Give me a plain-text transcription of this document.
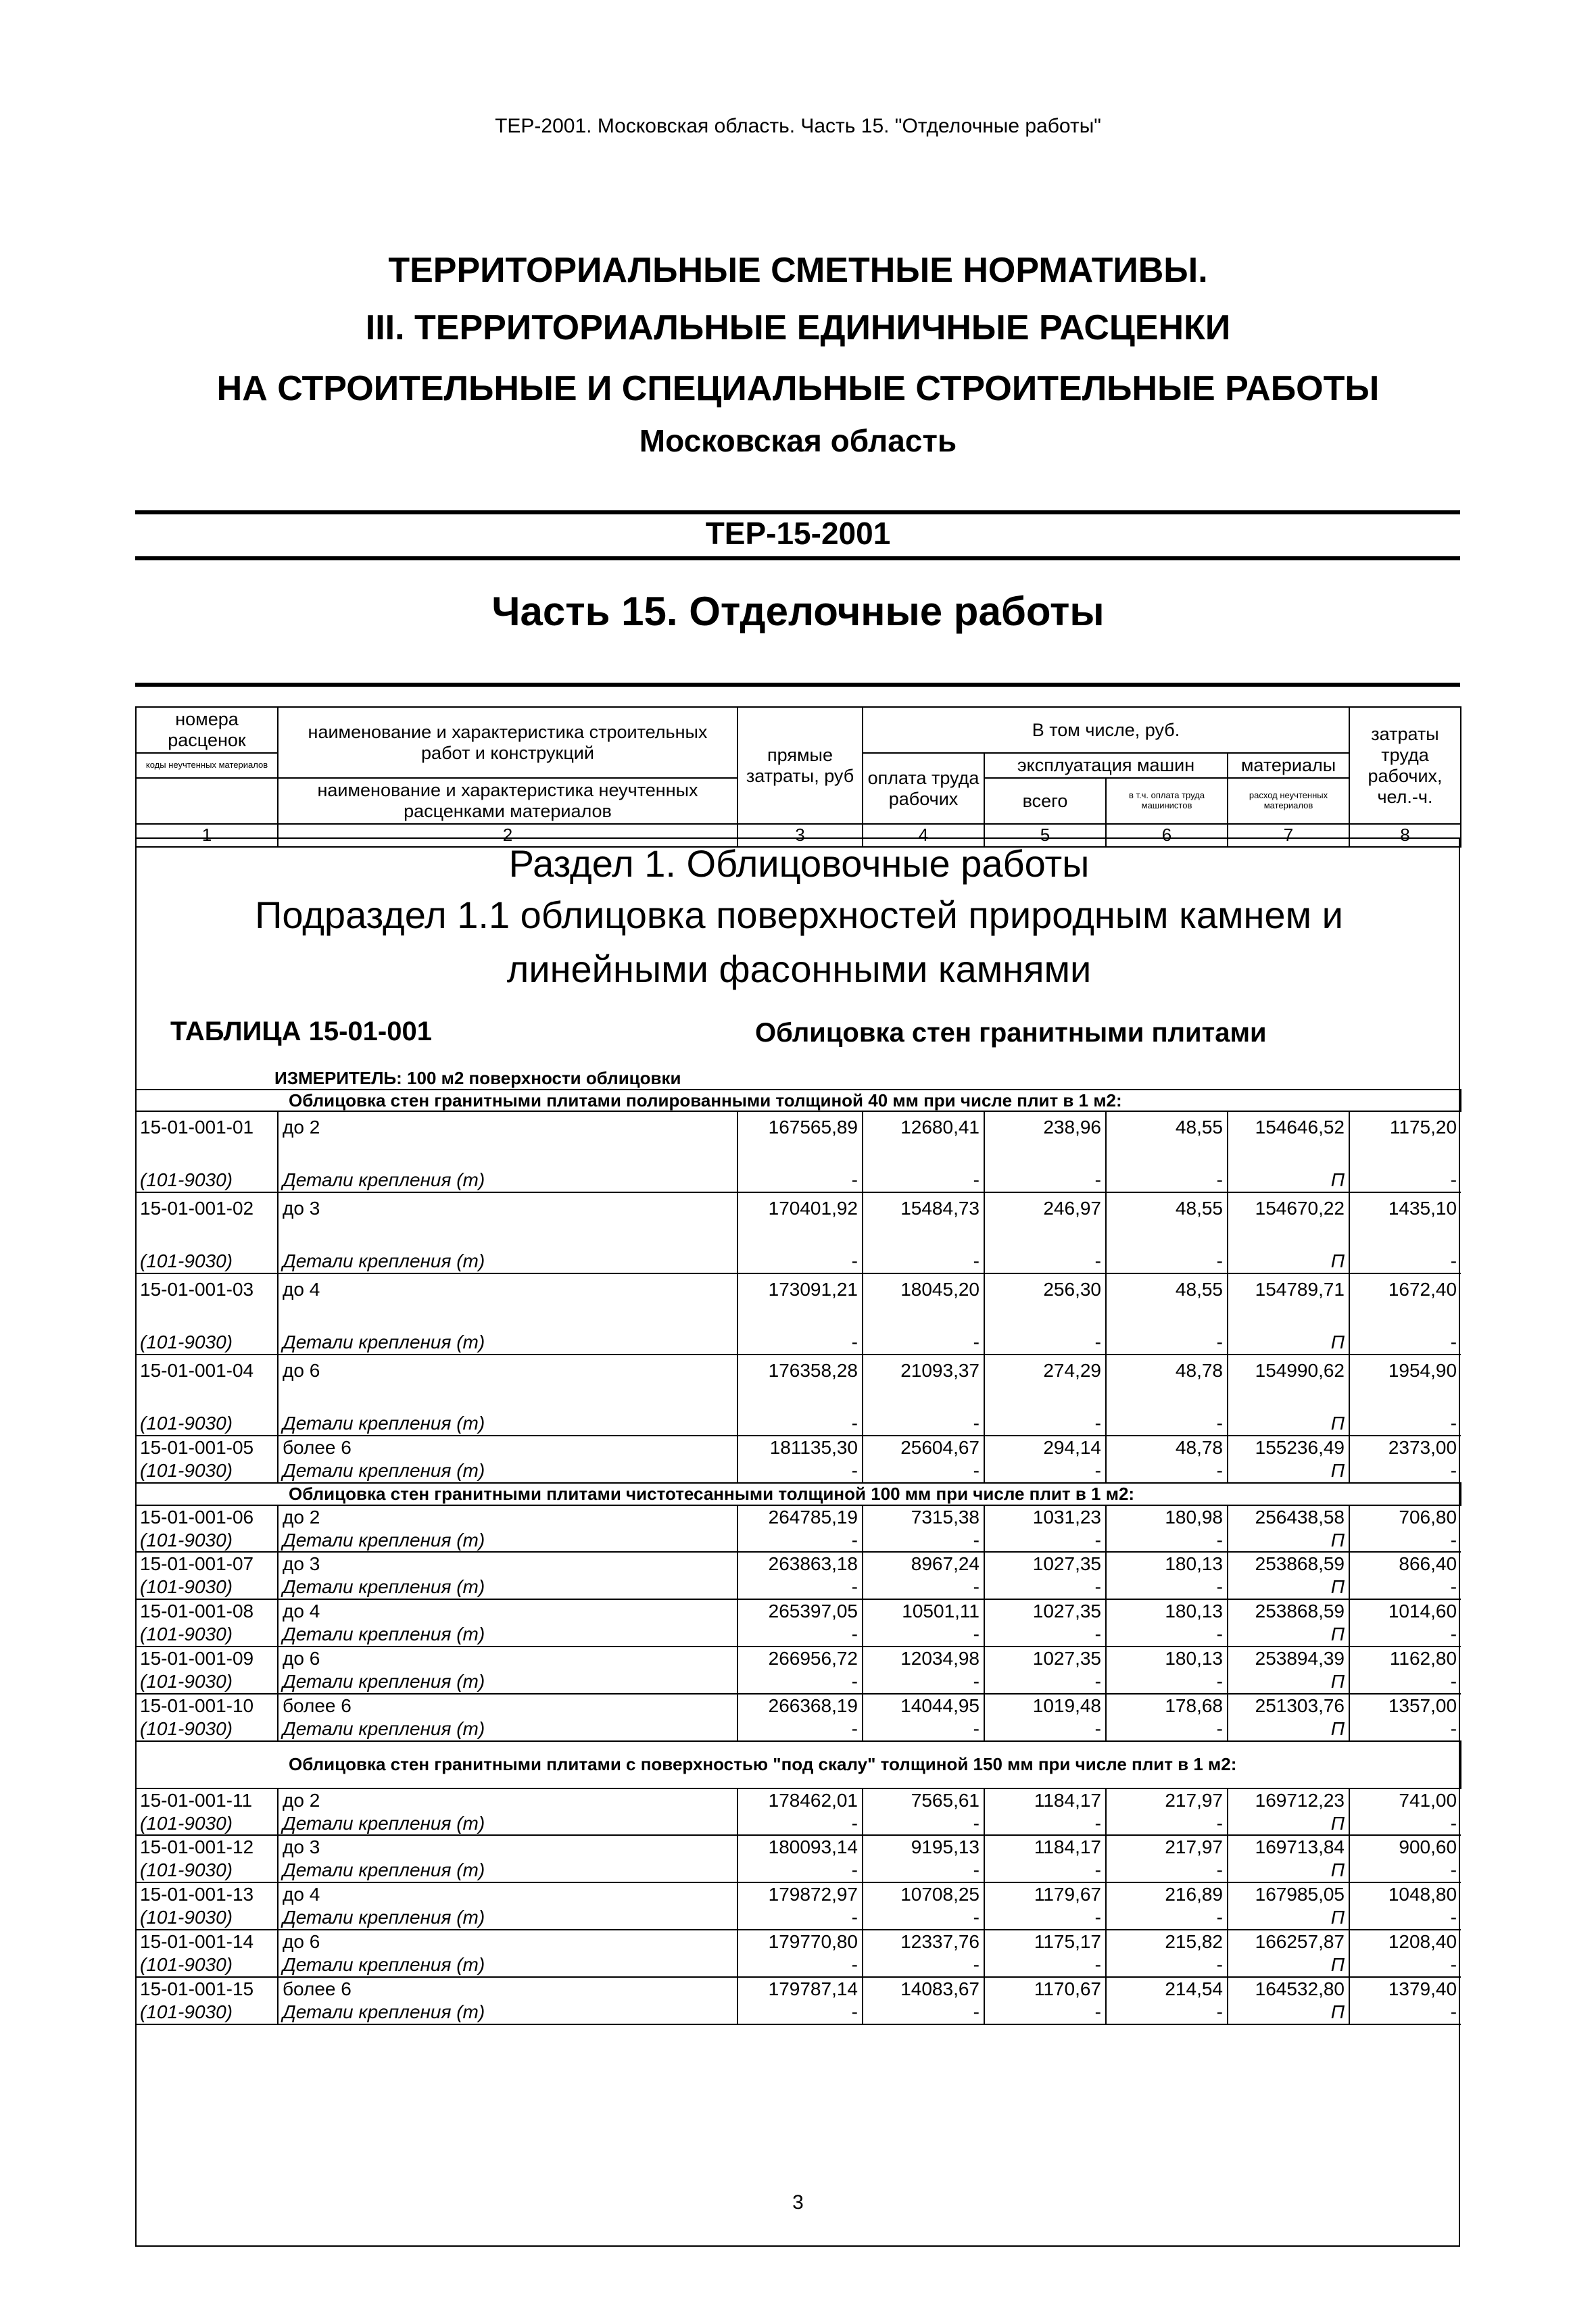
ТЕР-2001. Московская область. Часть 15. "Отделочные работы"
ТЕРРИТОРИАЛЬНЫЕ СМЕТНЫЕ НОРМАТИВЫ.
III. ТЕРРИТОРИАЛЬНЫЕ ЕДИНИЧНЫЕ РАСЦЕНКИ
НА СТРОИТЕЛЬНЫЕ И СПЕЦИАЛЬНЫЕ СТРОИТЕЛЬНЫЕ РАБОТЫ
Московская область
ТЕР-15-2001
Часть 15. Отделочные работы
номера расценок	наименование и характеристика строительных работ и конструкций	прямые затраты, руб	В том числе, руб.				затраты труда рабочих, чел.-ч.
коды неучтенных материалов			оплата труда рабочих	эксплуатация машин		материалы	
	наименование и характеристика неучтенных расценками материалов			всего	в т.ч. оплата труда машинистов	расход неучтенных материалов	

1	2	3	4	5	6	7	8
Раздел 1. Облицовочные работы
Подраздел 1.1 облицовка поверхностей природным камнем и
линейными фасонными камнями
ТАБЛИЦА 15-01-001	Облицовка стен гранитными плитами
ИЗМЕРИТЕЛЬ: 100 м2 поверхности облицовки							
Облицовка стен гранитными плитами полированными толщиной 40 мм при числе плит в 1 м2:							
15-01-001-01	до 2	167565,89	12680,41	238,96	48,55	154646,52	1175,20
(101-9030)	Детали крепления (т)	-	-	-	-	П	-
15-01-001-02	до 3	170401,92	15484,73	246,97	48,55	154670,22	1435,10
(101-9030)	Детали крепления (т)	-	-	-	-	П	-
15-01-001-03	до 4	173091,21	18045,20	256,30	48,55	154789,71	1672,40
(101-9030)	Детали крепления (т)	-	-	-	-	П	-
15-01-001-04	до 6	176358,28	21093,37	274,29	48,78	154990,62	1954,90
(101-9030)	Детали крепления (т)	-	-	-	-	П	-
15-01-001-05	более 6	181135,30	25604,67	294,14	48,78	155236,49	2373,00
(101-9030)	Детали крепления (т)	-	-	-	-	П	-
Облицовка стен гранитными плитами чистотесанными толщиной 100 мм при числе плит в 1 м2:							
15-01-001-06	до 2	264785,19	7315,38	1031,23	180,98	256438,58	706,80
(101-9030)	Детали крепления (т)	-	-	-	-	П	-
15-01-001-07	до 3	263863,18	8967,24	1027,35	180,13	253868,59	866,40
(101-9030)	Детали крепления (т)	-	-	-	-	П	-
15-01-001-08	до 4	265397,05	10501,11	1027,35	180,13	253868,59	1014,60
(101-9030)	Детали крепления (т)	-	-	-	-	П	-
15-01-001-09	до 6	266956,72	12034,98	1027,35	180,13	253894,39	1162,80
(101-9030)	Детали крепления (т)	-	-	-	-	П	-
15-01-001-10	более 6	266368,19	14044,95	1019,48	178,68	251303,76	1357,00
(101-9030)	Детали крепления (т)	-	-	-	-	П	-
Облицовка стен гранитными плитами с поверхностью "под скалу" толщиной 150 мм при числе плит в 1 м2:							
15-01-001-11	до 2	178462,01	7565,61	1184,17	217,97	169712,23	741,00
(101-9030)	Детали крепления (т)	-	-	-	-	П	-
15-01-001-12	до 3	180093,14	9195,13	1184,17	217,97	169713,84	900,60
(101-9030)	Детали крепления (т)	-	-	-	-	П	-
15-01-001-13	до 4	179872,97	10708,25	1179,67	216,89	167985,05	1048,80
(101-9030)	Детали крепления (т)	-	-	-	-	П	-
15-01-001-14	до 6	179770,80	12337,76	1175,17	215,82	166257,87	1208,40
(101-9030)	Детали крепления (т)	-	-	-	-	П	-
15-01-001-15	более 6	179787,14	14083,67	1170,67	214,54	164532,80	1379,40
(101-9030)	Детали крепления (т)	-	-	-	-	П	-
3
